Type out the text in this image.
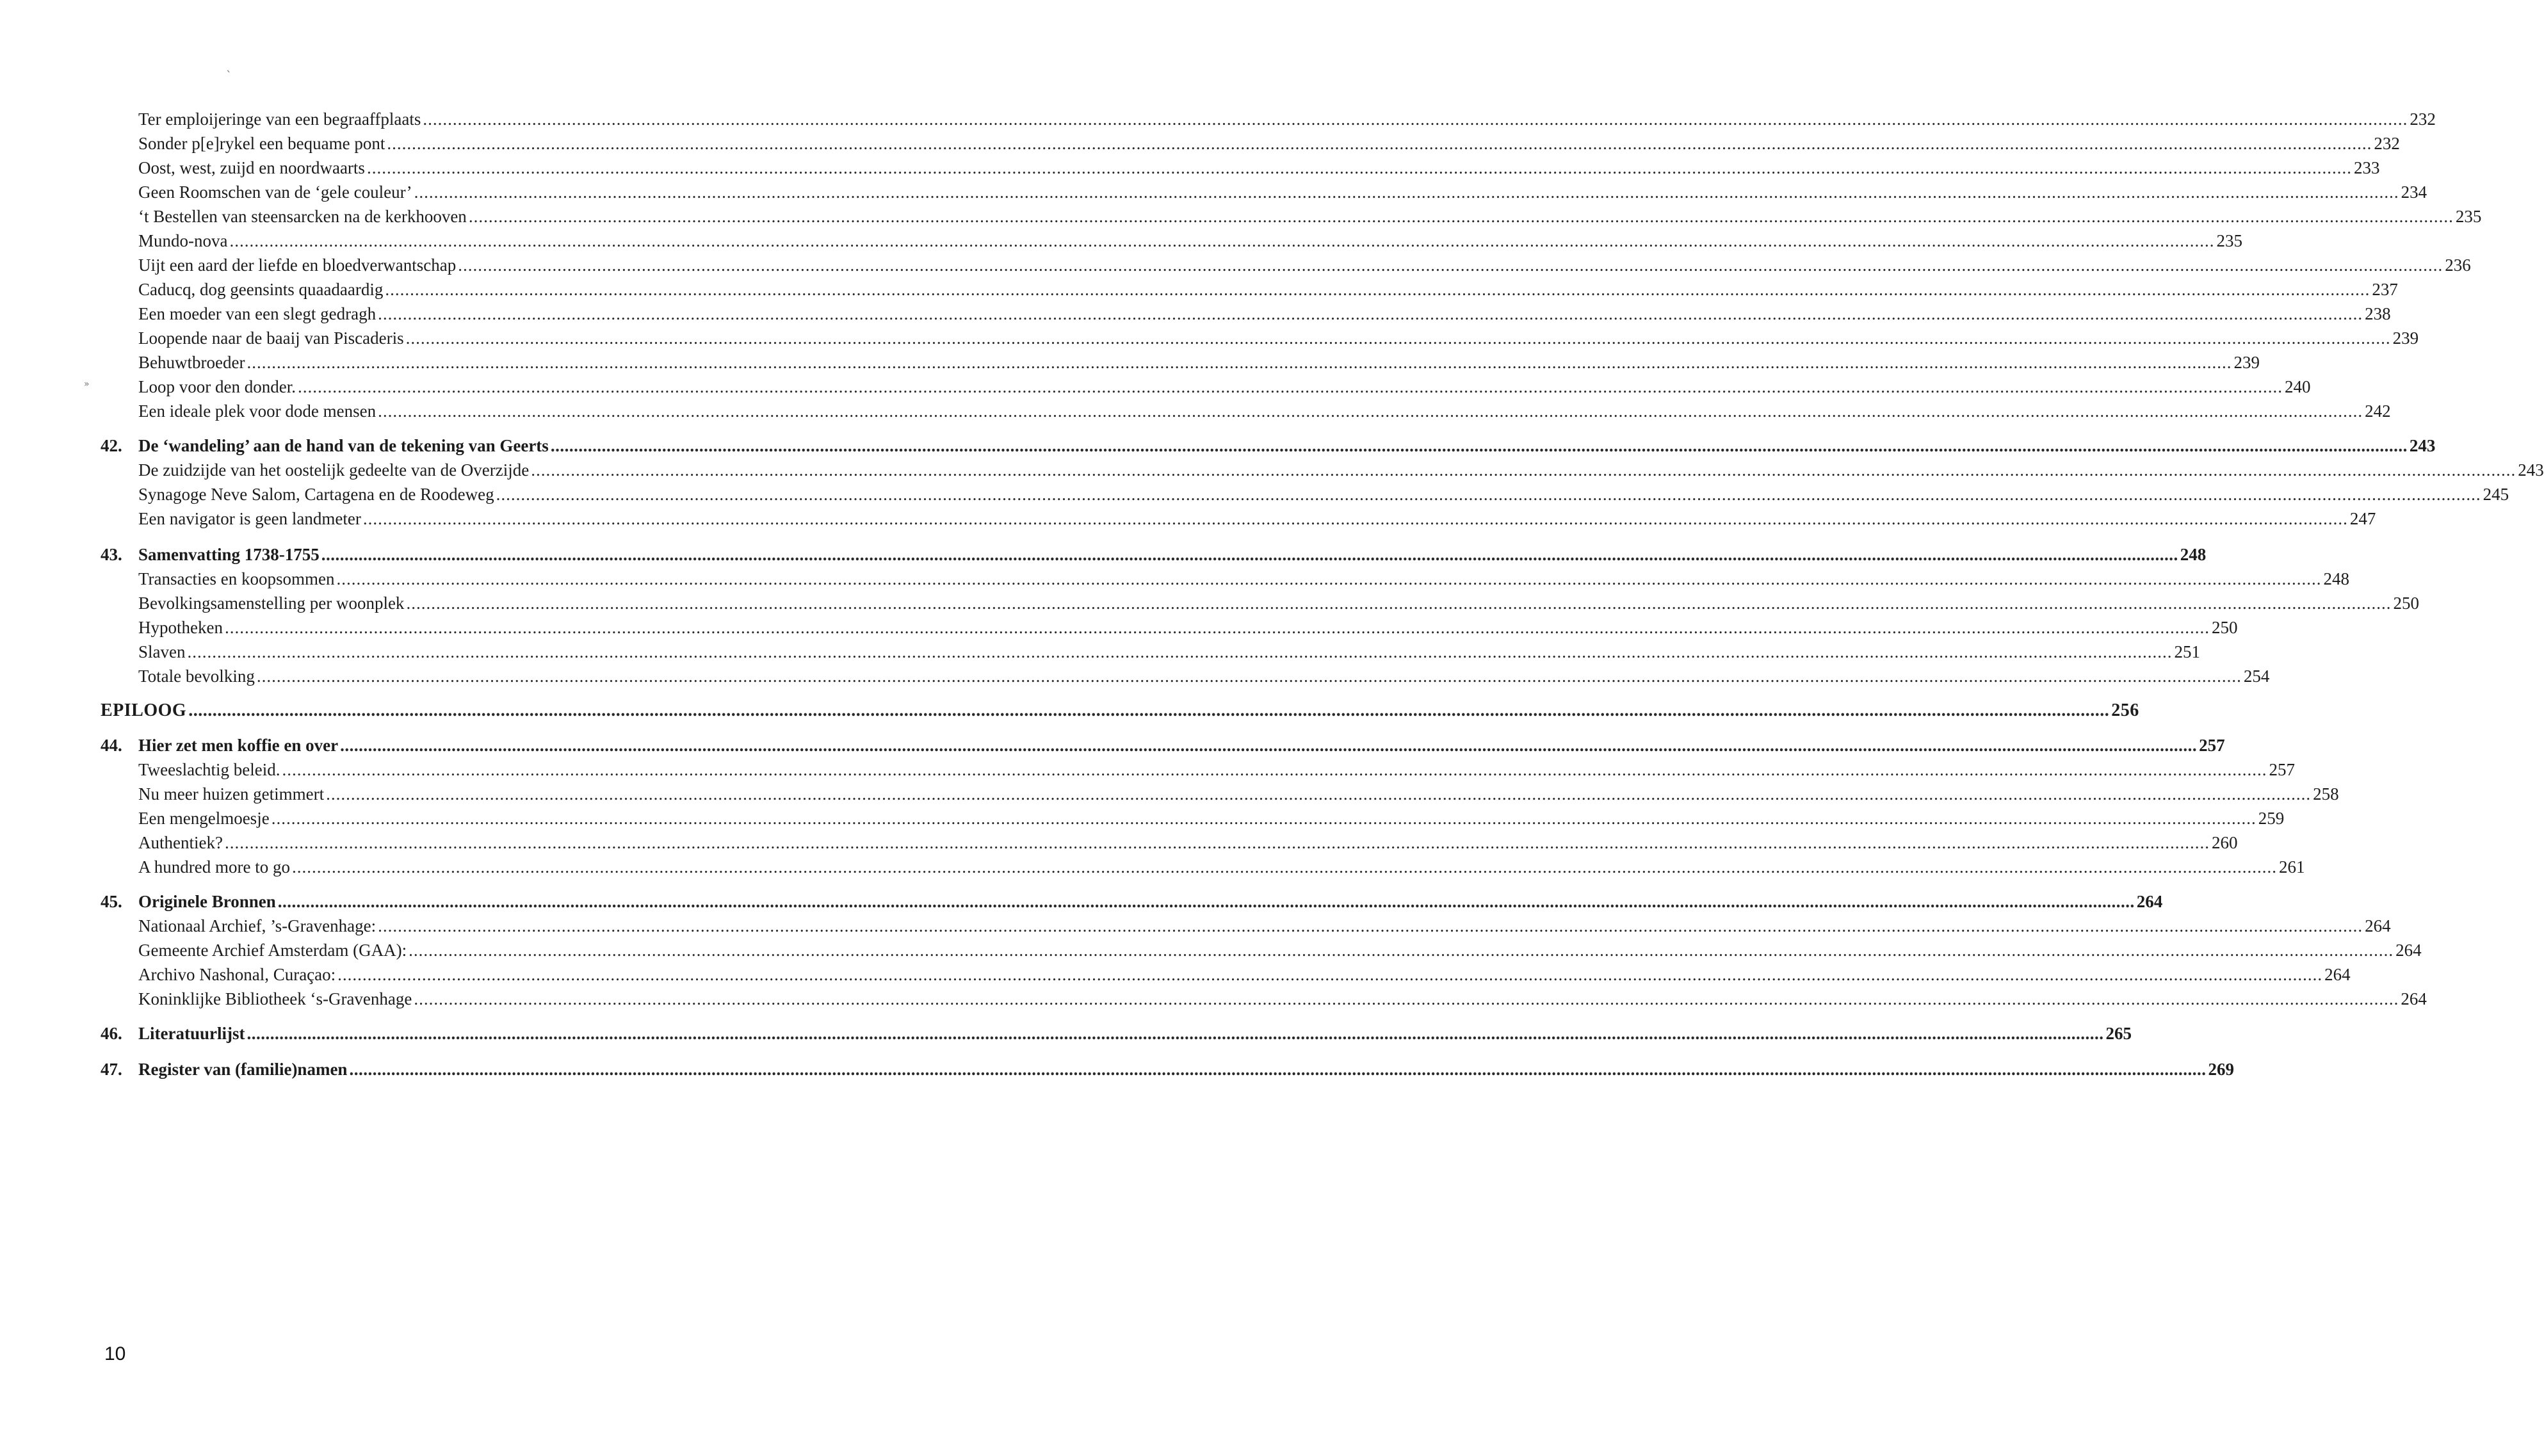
`
»
Ter emploijeringe van een begraaffplaats ................................................................................................................................................................................................................................................................................................................................................................................................................ 232
Sonder p[e]rykel een bequame pont ................................................................................................................................................................................................................................................................................................................................................................................................................ 232
Oost, west, zuijd en noordwaarts ................................................................................................................................................................................................................................................................................................................................................................................................................ 233
Geen Roomschen van de ‘gele couleur’ ................................................................................................................................................................................................................................................................................................................................................................................................................ 234
‘t Bestellen van steensarcken na de kerkhooven ................................................................................................................................................................................................................................................................................................................................................................................................................ 235
Mundo-nova ................................................................................................................................................................................................................................................................................................................................................................................................................ 235
Uijt een aard der liefde en bloedverwantschap ................................................................................................................................................................................................................................................................................................................................................................................................................ 236
Caducq, dog geensints quaadaardig ................................................................................................................................................................................................................................................................................................................................................................................................................ 237
Een moeder van een slegt gedragh ................................................................................................................................................................................................................................................................................................................................................................................................................ 238
Loopende naar de baaij van Piscaderis ................................................................................................................................................................................................................................................................................................................................................................................................................ 239
Behuwtbroeder ................................................................................................................................................................................................................................................................................................................................................................................................................ 239
Loop voor den donder. ................................................................................................................................................................................................................................................................................................................................................................................................................ 240
Een ideale plek voor dode mensen ................................................................................................................................................................................................................................................................................................................................................................................................................ 242
42. De ‘wandeling’ aan de hand van de tekening van Geerts ................................................................................................................................................................................................................................................................................................................................................................................................................ 243
De zuidzijde van het oostelijk gedeelte van de Overzijde ................................................................................................................................................................................................................................................................................................................................................................................................................ 243
Synagoge Neve Salom, Cartagena en de Roodeweg ................................................................................................................................................................................................................................................................................................................................................................................................................ 245
Een navigator is geen landmeter ................................................................................................................................................................................................................................................................................................................................................................................................................ 247
43. Samenvatting 1738-1755 ................................................................................................................................................................................................................................................................................................................................................................................................................ 248
Transacties en koopsommen ................................................................................................................................................................................................................................................................................................................................................................................................................ 248
Bevolkingsamenstelling per woonplek ................................................................................................................................................................................................................................................................................................................................................................................................................ 250
Hypotheken ................................................................................................................................................................................................................................................................................................................................................................................................................ 250
Slaven ................................................................................................................................................................................................................................................................................................................................................................................................................ 251
Totale bevolking ................................................................................................................................................................................................................................................................................................................................................................................................................ 254
EPILOOG ................................................................................................................................................................................................................................................................................................................................................................................................................ 256
44. Hier zet men koffie en over ................................................................................................................................................................................................................................................................................................................................................................................................................ 257
Tweeslachtig beleid. ................................................................................................................................................................................................................................................................................................................................................................................................................ 257
Nu meer huizen getimmert ................................................................................................................................................................................................................................................................................................................................................................................................................ 258
Een mengelmoesje ................................................................................................................................................................................................................................................................................................................................................................................................................ 259
Authentiek? ................................................................................................................................................................................................................................................................................................................................................................................................................ 260
A hundred more to go ................................................................................................................................................................................................................................................................................................................................................................................................................ 261
45. Originele Bronnen ................................................................................................................................................................................................................................................................................................................................................................................................................ 264
Nationaal Archief, ’s-Gravenhage: ................................................................................................................................................................................................................................................................................................................................................................................................................ 264
Gemeente Archief Amsterdam (GAA): ................................................................................................................................................................................................................................................................................................................................................................................................................ 264
Archivo Nashonal, Curaçao: ................................................................................................................................................................................................................................................................................................................................................................................................................ 264
Koninklijke Bibliotheek ‘s-Gravenhage ................................................................................................................................................................................................................................................................................................................................................................................................................ 264
46. Literatuurlijst ................................................................................................................................................................................................................................................................................................................................................................................................................ 265
47. Register van (familie)namen ................................................................................................................................................................................................................................................................................................................................................................................................................ 269
10
